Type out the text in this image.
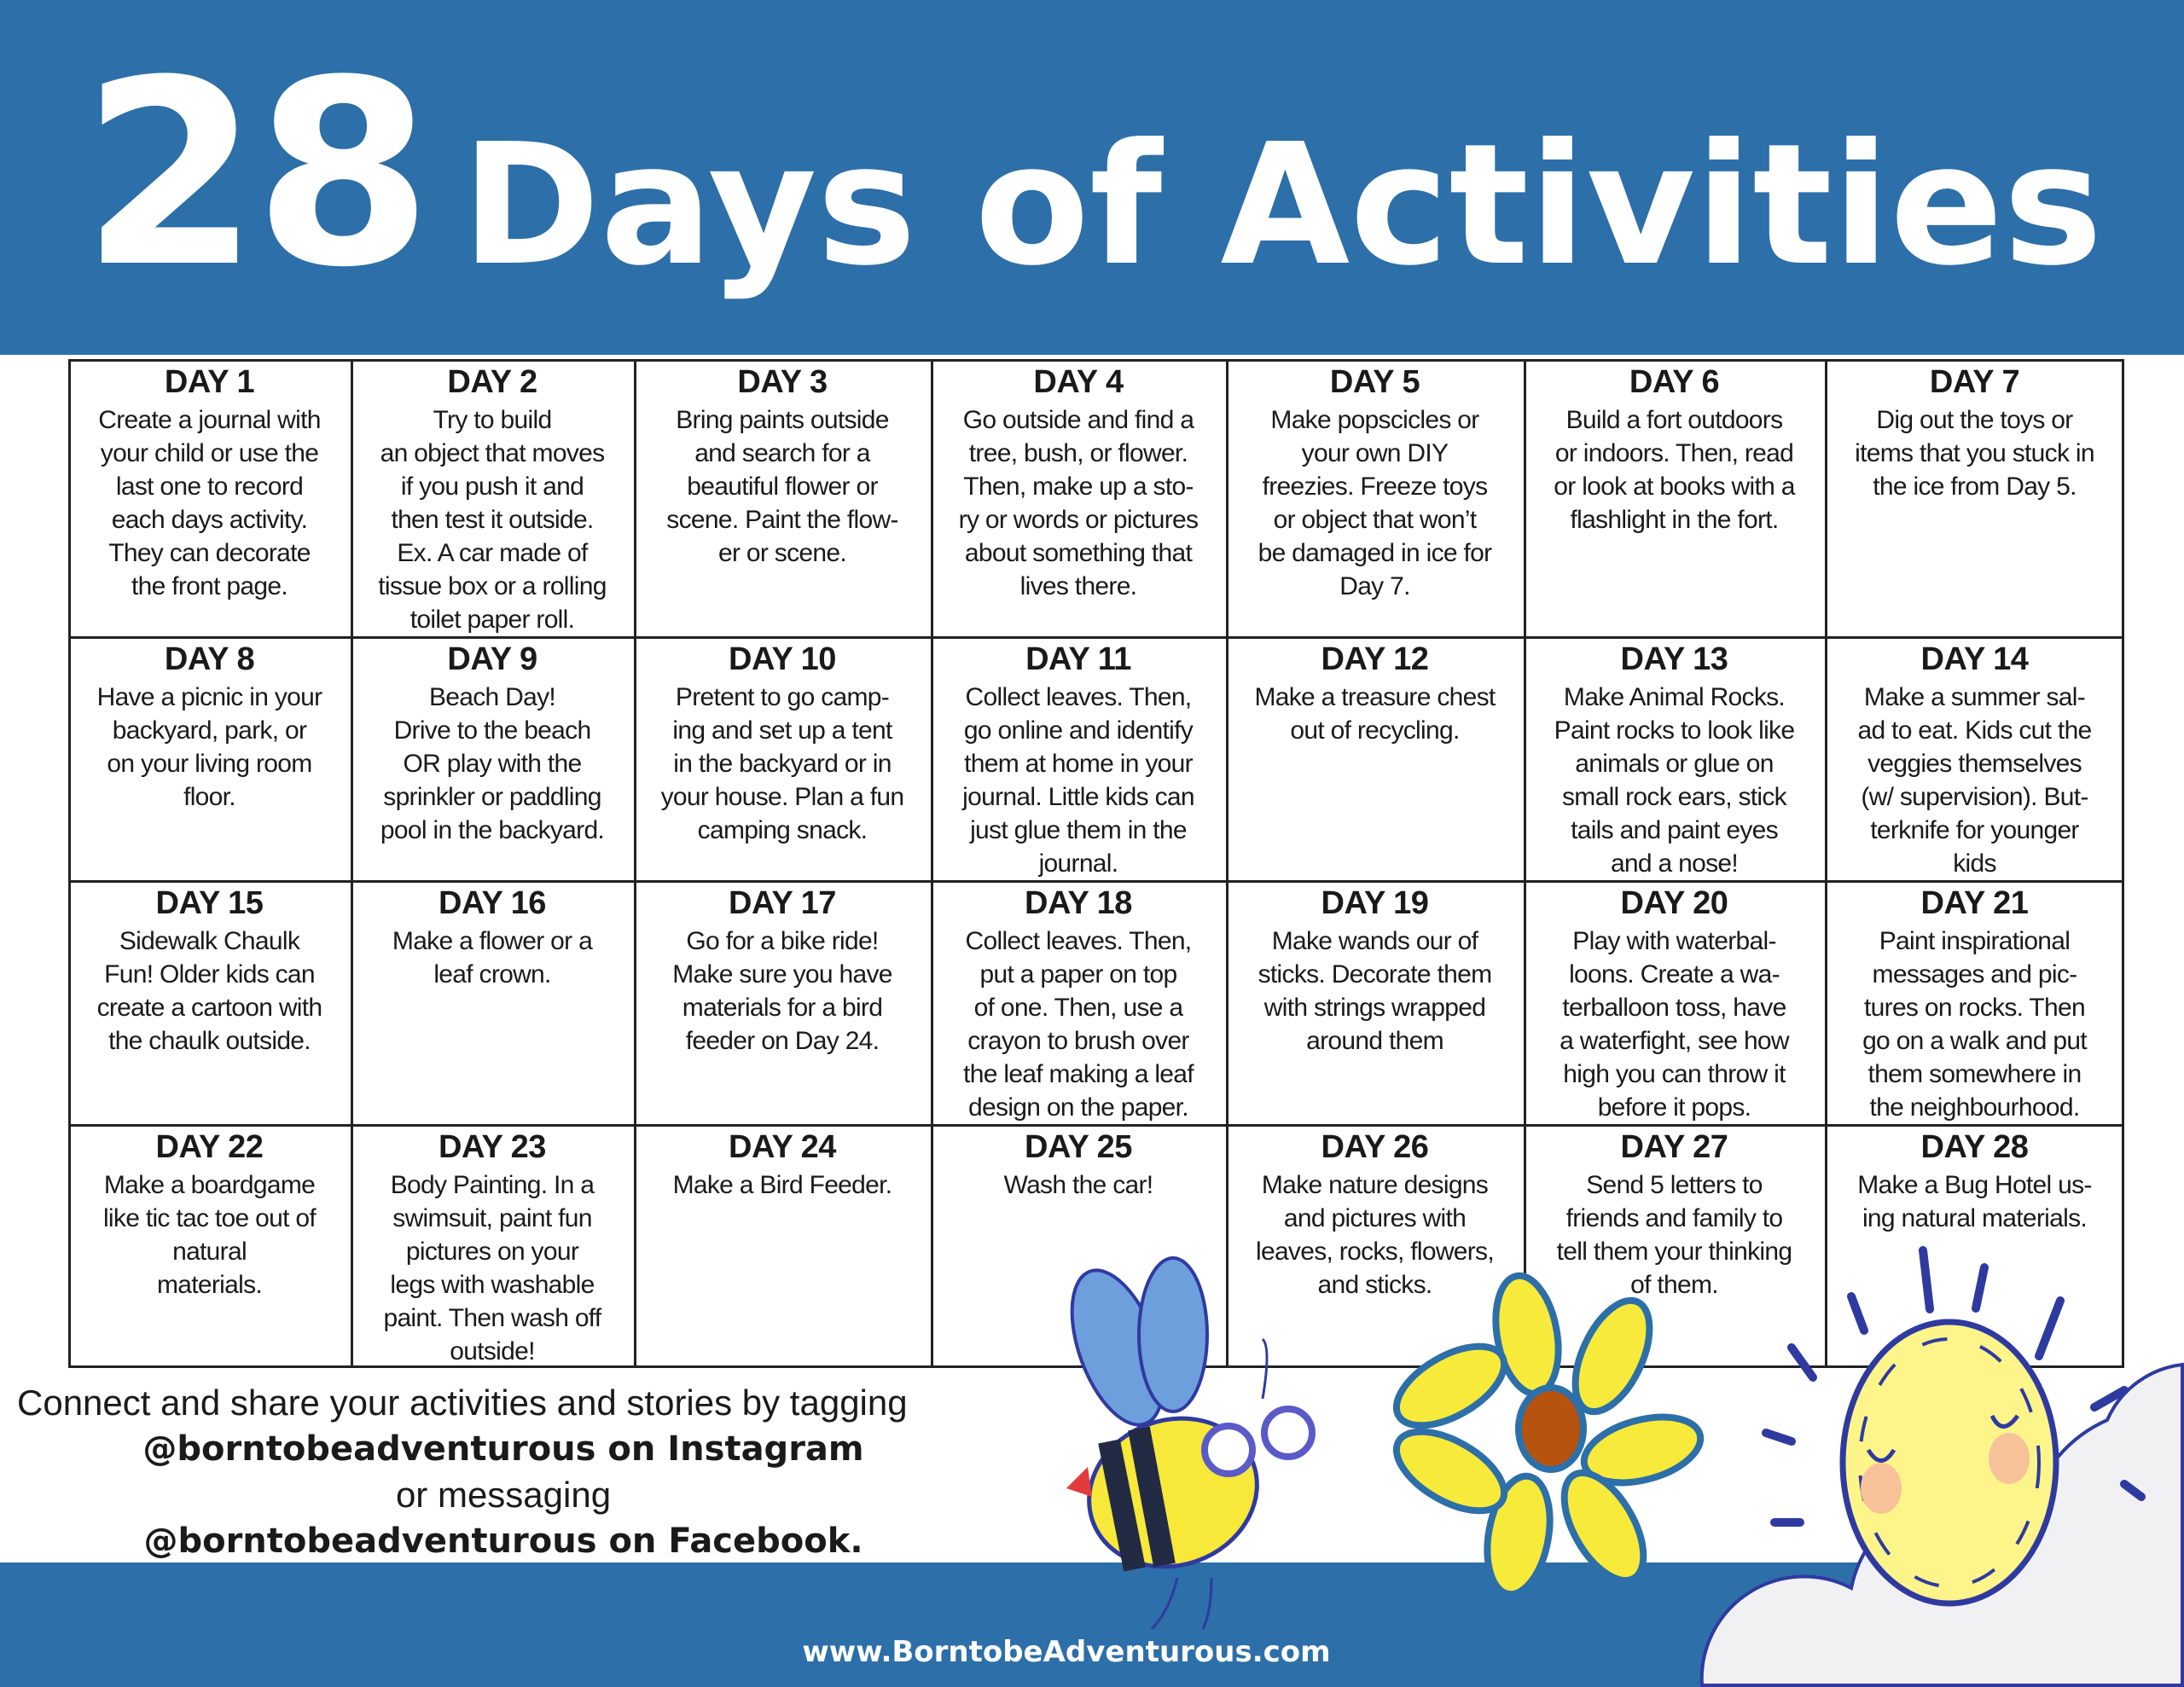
28 Days of Activities
DAY 1
Create a journal with
your child or use the
last one to record
each days activity.
They can decorate
the front page.
DAY 2
Try to build
an object that moves
if you push it and
then test it outside.
Ex. A car made of
tissue box or a rolling
toilet paper roll.
DAY 3
Bring paints outside
and search for a
beautiful flower or
scene. Paint the flow-
er or scene.
DAY 4
Go outside and find a
tree, bush, or flower.
Then, make up a sto-
ry or words or pictures
about something that
lives there.
DAY 5
Make popscicles or
your own DIY
freezies. Freeze toys
or object that won’t
be damaged in ice for
Day 7.
DAY 6
Build a fort outdoors
or indoors. Then, read
or look at books with a
flashlight in the fort.
DAY 7
Dig out the toys or
items that you stuck in
the ice from Day 5.
DAY 8
Have a picnic in your
backyard, park, or
on your living room
floor.
DAY 9
Beach Day!
Drive to the beach
OR play with the
sprinkler or paddling
pool in the backyard.
DAY 10
Pretent to go camp-
ing and set up a tent
in the backyard or in
your house. Plan a fun
camping snack.
DAY 11
Collect leaves. Then,
go online and identify
them at home in your
journal. Little kids can
just glue them in the
journal.
DAY 12
Make a treasure chest
out of recycling.
DAY 13
Make Animal Rocks.
Paint rocks to look like
animals or glue on
small rock ears, stick
tails and paint eyes
and a nose!
DAY 14
Make a summer sal-
ad to eat. Kids cut the
veggies themselves
(w/ supervision). But-
terknife for younger
kids
DAY 15
Sidewalk Chaulk
Fun! Older kids can
create a cartoon with
the chaulk outside.
DAY 16
Make a flower or a
leaf crown.
DAY 17
Go for a bike ride!
Make sure you have
materials for a bird
feeder on Day 24.
DAY 18
Collect leaves. Then,
put a paper on top
of one. Then, use a
crayon to brush over
the leaf making a leaf
design on the paper.
DAY 19
Make wands our of
sticks. Decorate them
with strings wrapped
around them
DAY 20
Play with waterbal-
loons. Create a wa-
terballoon toss, have
a waterfight, see how
high you can throw it
before it pops.
DAY 21
Paint inspirational
messages and pic-
tures on rocks. Then
go on a walk and put
them somewhere in
the neighbourhood.
DAY 22
Make a boardgame
like tic tac toe out of
natural
materials.
DAY 23
Body Painting. In a
swimsuit, paint fun
pictures on your
legs with washable
paint. Then wash off
outside!
DAY 24
Make a Bird Feeder.
DAY 25
Wash the car!
DAY 26
Make nature designs
and pictures with
leaves, rocks, flowers,
and sticks.
DAY 27
Send 5 letters to
friends and family to
tell them your thinking
of them.
DAY 28
Make a Bug Hotel us-
ing natural materials.
Connect and share your activities and stories by tagging
@borntobeadventurous on Instagram
or messaging
@borntobeadventurous on Facebook.
www.BorntobeAdventurous.com
